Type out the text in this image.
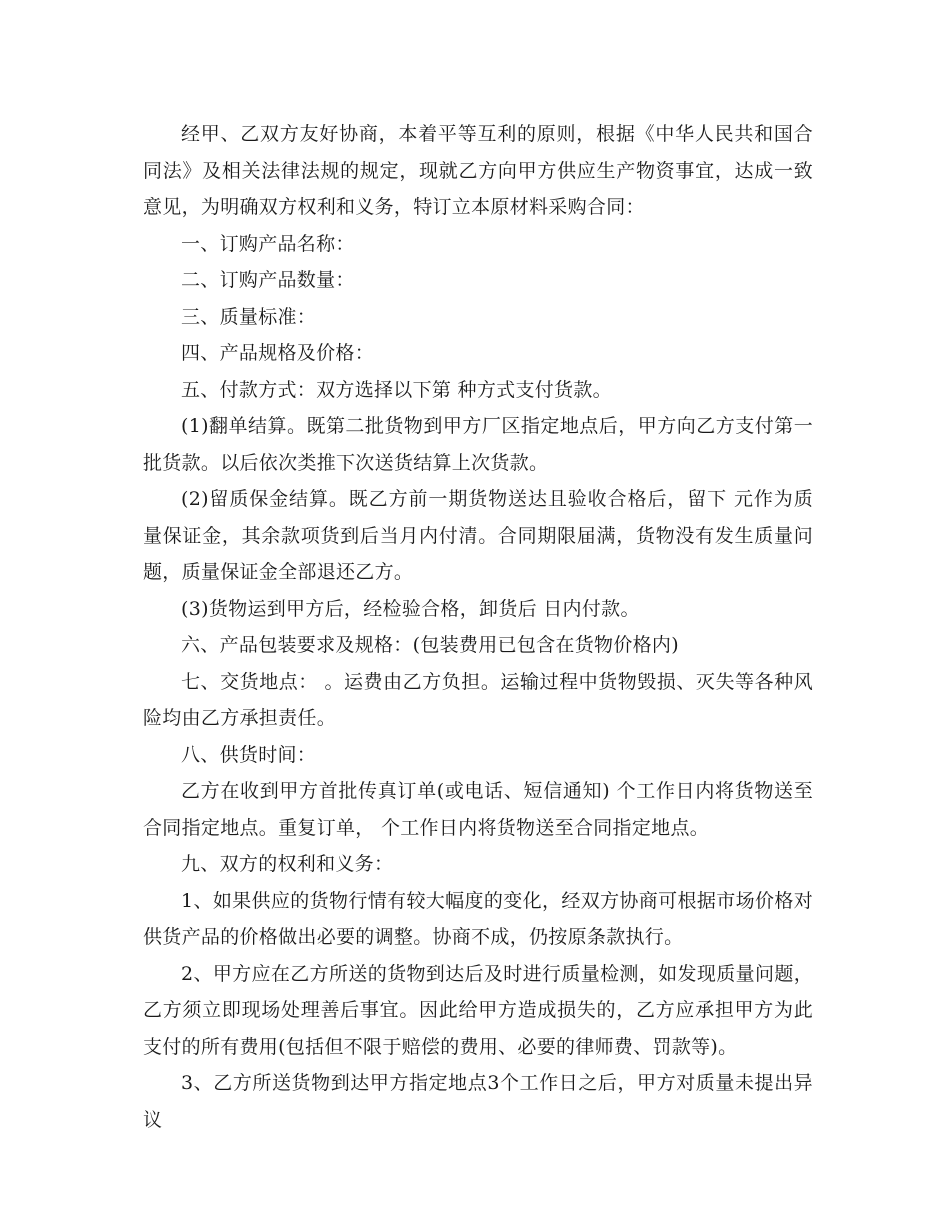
经甲、乙双方友好协商，本着平等互利的原则，根据《中华人民共和国合同法》及相关法律法规的规定，现就乙方向甲方供应生产物资事宜，达成一致意见，为明确双方权利和义务，特订立本原材料采购合同：

一、订购产品名称：

二、订购产品数量：

三、质量标准：

四、产品规格及价格：

五、付款方式：双方选择以下第 种方式支付货款。

(1)翻单结算。既第二批货物到甲方厂区指定地点后，甲方向乙方支付第一批货款。以后依次类推下次送货结算上次货款。

(2)留质保金结算。既乙方前一期货物送达且验收合格后，留下 元作为质量保证金，其余款项货到后当月内付清。合同期限届满，货物没有发生质量问题，质量保证金全部退还乙方。

(3)货物运到甲方后，经检验合格，卸货后 日内付款。

六、产品包装要求及规格：(包装费用已包含在货物价格内)

七、交货地点： 。运费由乙方负担。运输过程中货物毁损、灭失等各种风险均由乙方承担责任。

八、供货时间：

乙方在收到甲方首批传真订单(或电话、短信通知) 个工作日内将货物送至合同指定地点。重复订单， 个工作日内将货物送至合同指定地点。

九、双方的权利和义务：

1、如果供应的货物行情有较大幅度的变化，经双方协商可根据市场价格对供货产品的价格做出必要的调整。协商不成，仍按原条款执行。

2、甲方应在乙方所送的货物到达后及时进行质量检测，如发现质量问题，乙方须立即现场处理善后事宜。因此给甲方造成损失的，乙方应承担甲方为此支付的所有费用(包括但不限于赔偿的费用、必要的律师费、罚款等)。

3、乙方所送货物到达甲方指定地点3个工作日之后，甲方对质量未提出异议
